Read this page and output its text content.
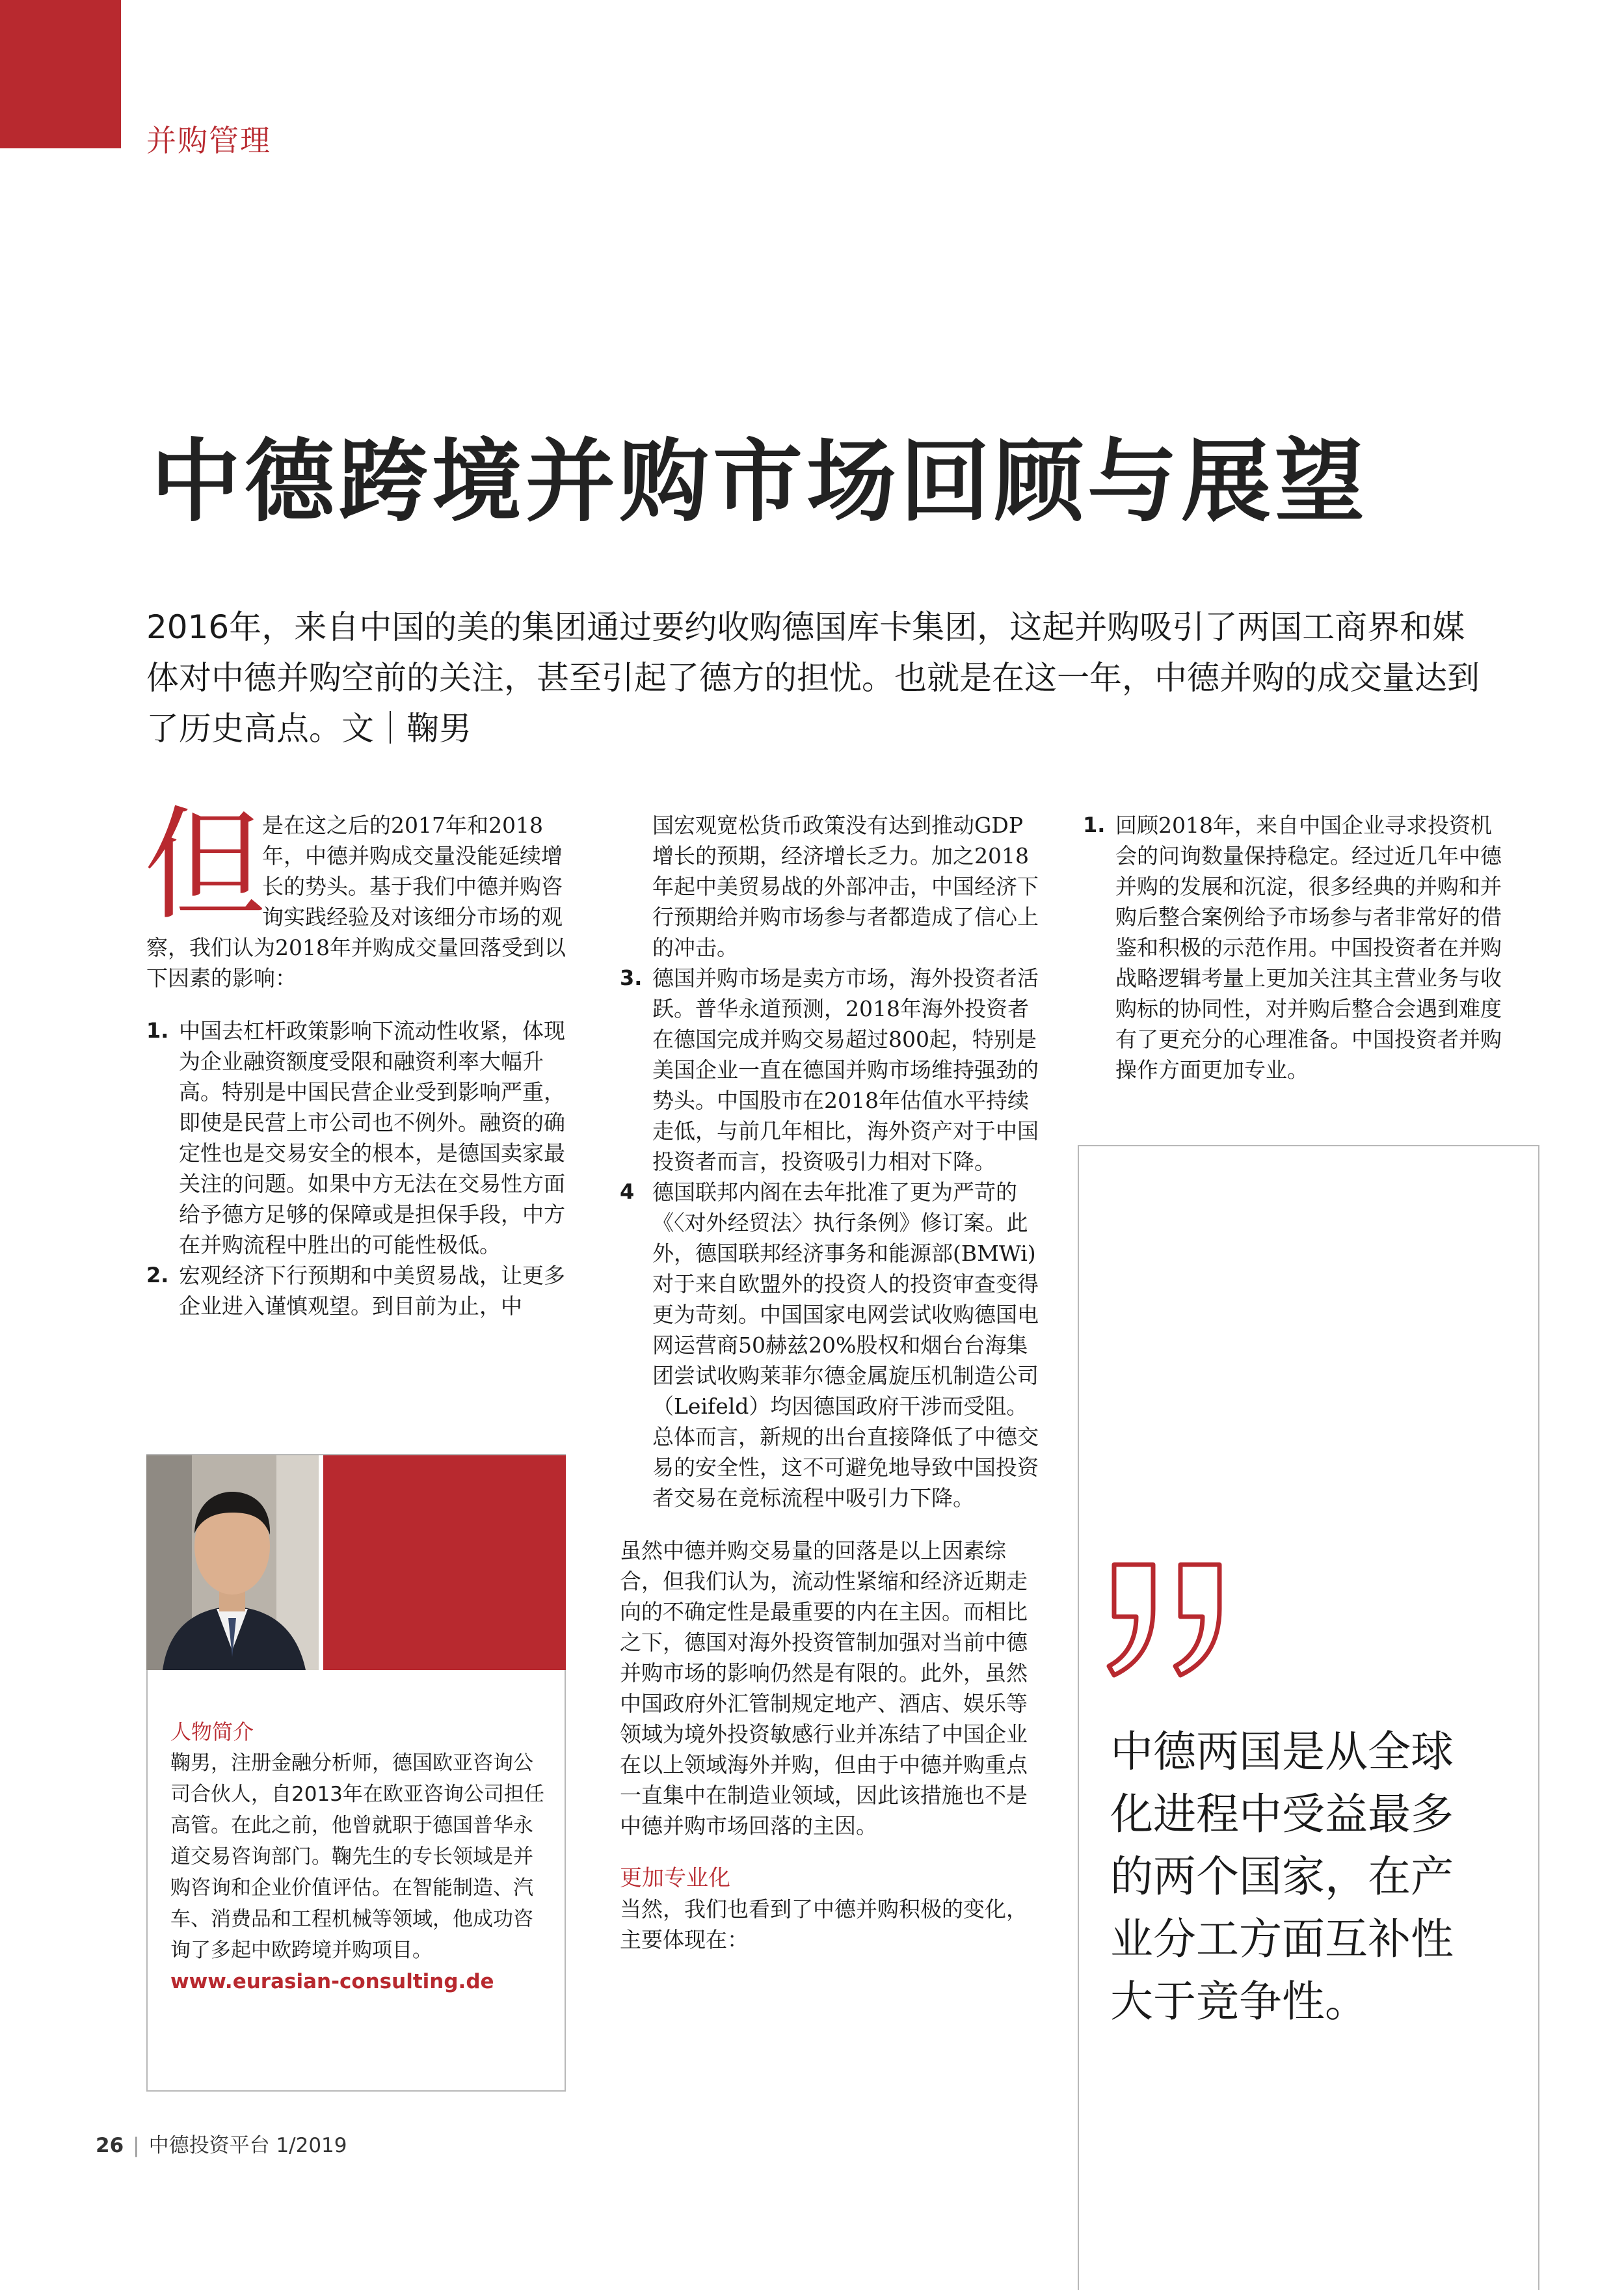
并购管理
中德跨境并购市场回顾与展望

2016年，来自中国的美的集团通过要约收购德国库卡集团，这起并购吸引了两国工商界和媒体对中德并购空前的关注，甚至引起了德方的担忧。也就是在这一年，中德并购的成交量达到了历史高点。文｜鞠男

但

是在这之后的2017年和2018年，中德并购成交量没能延续增长的势头。基于我们中德并购咨询实践经验及对该细分市场的观察，我们认为2018年并购成交量回落受到以下因素的影响：

1. 中国去杠杆政策影响下流动性收紧，体现为企业融资额度受限和融资利率大幅升高。特别是中国民营企业受到影响严重，即使是民营上市公司也不例外。融资的确定性也是交易安全的根本，是德国卖家最关注的问题。如果中方无法在交易性方面给予德方足够的保障或是担保手段，中方在并购流程中胜出的可能性极低。
2. 宏观经济下行预期和中美贸易战，让更多企业进入谨慎观望。到目前为止，中

国宏观宽松货币政策没有达到推动GDP增长的预期，经济增长乏力。加之2018年起中美贸易战的外部冲击，中国经济下行预期给并购市场参与者都造成了信心上的冲击。

3. 德国并购市场是卖方市场，海外投资者活跃。普华永道预测，2018年海外投资者在德国完成并购交易超过800起，特别是美国企业一直在德国并购市场维持强劲的势头。中国股市在2018年估值水平持续走低，与前几年相比，海外资产对于中国投资者而言，投资吸引力相对下降。
4 德国联邦内阁在去年批准了更为严苛的《〈对外经贸法〉执行条例》修订案。此外，德国联邦经济事务和能源部(BMWi)对于来自欧盟外的投资人的投资审查变得更为苛刻。中国国家电网尝试收购德国电网运营商50赫兹20%股权和烟台台海集团尝试收购莱菲尔德金属旋压机制造公司（Leifeld）均因德国政府干涉而受阻。总体而言，新规的出台直接降低了中德交易的安全性，这不可避免地导致中国投资者交易在竞标流程中吸引力下降。

虽然中德并购交易量的回落是以上因素综合，但我们认为，流动性紧缩和经济近期走向的不确定性是最重要的内在主因。而相比之下，德国对海外投资管制加强对当前中德并购市场的影响仍然是有限的。此外，虽然中国政府外汇管制规定地产、酒店、娱乐等领域为境外投资敏感行业并冻结了中国企业在以上领域海外并购，但由于中德并购重点一直集中在制造业领域，因此该措施也不是中德并购市场回落的主因。

更加专业化

当然，我们也看到了中德并购积极的变化，主要体现在：

1. 回顾2018年，来自中国企业寻求投资机会的问询数量保持稳定。经过近几年中德并购的发展和沉淀，很多经典的并购和并购后整合案例给予市场参与者非常好的借鉴和积极的示范作用。中国投资者在并购战略逻辑考量上更加关注其主营业务与收购标的协同性，对并购后整合会遇到难度有了更充分的心理准备。中国投资者并购操作方面更加专业。

人物简介

鞠男，注册金融分析师，德国欧亚咨询公司合伙人，自2013年在欧亚咨询公司担任高管。在此之前，他曾就职于德国普华永道交易咨询部门。鞠先生的专长领域是并购咨询和企业价值评估。在智能制造、汽车、消费品和工程机械等领域，他成功咨询了多起中欧跨境并购项目。

www.eurasian-consulting.de

中德两国是从全球化进程中受益最多的两个国家，在产业分工方面互补性大于竞争性。

26 | 中德投资平台 1/2019
